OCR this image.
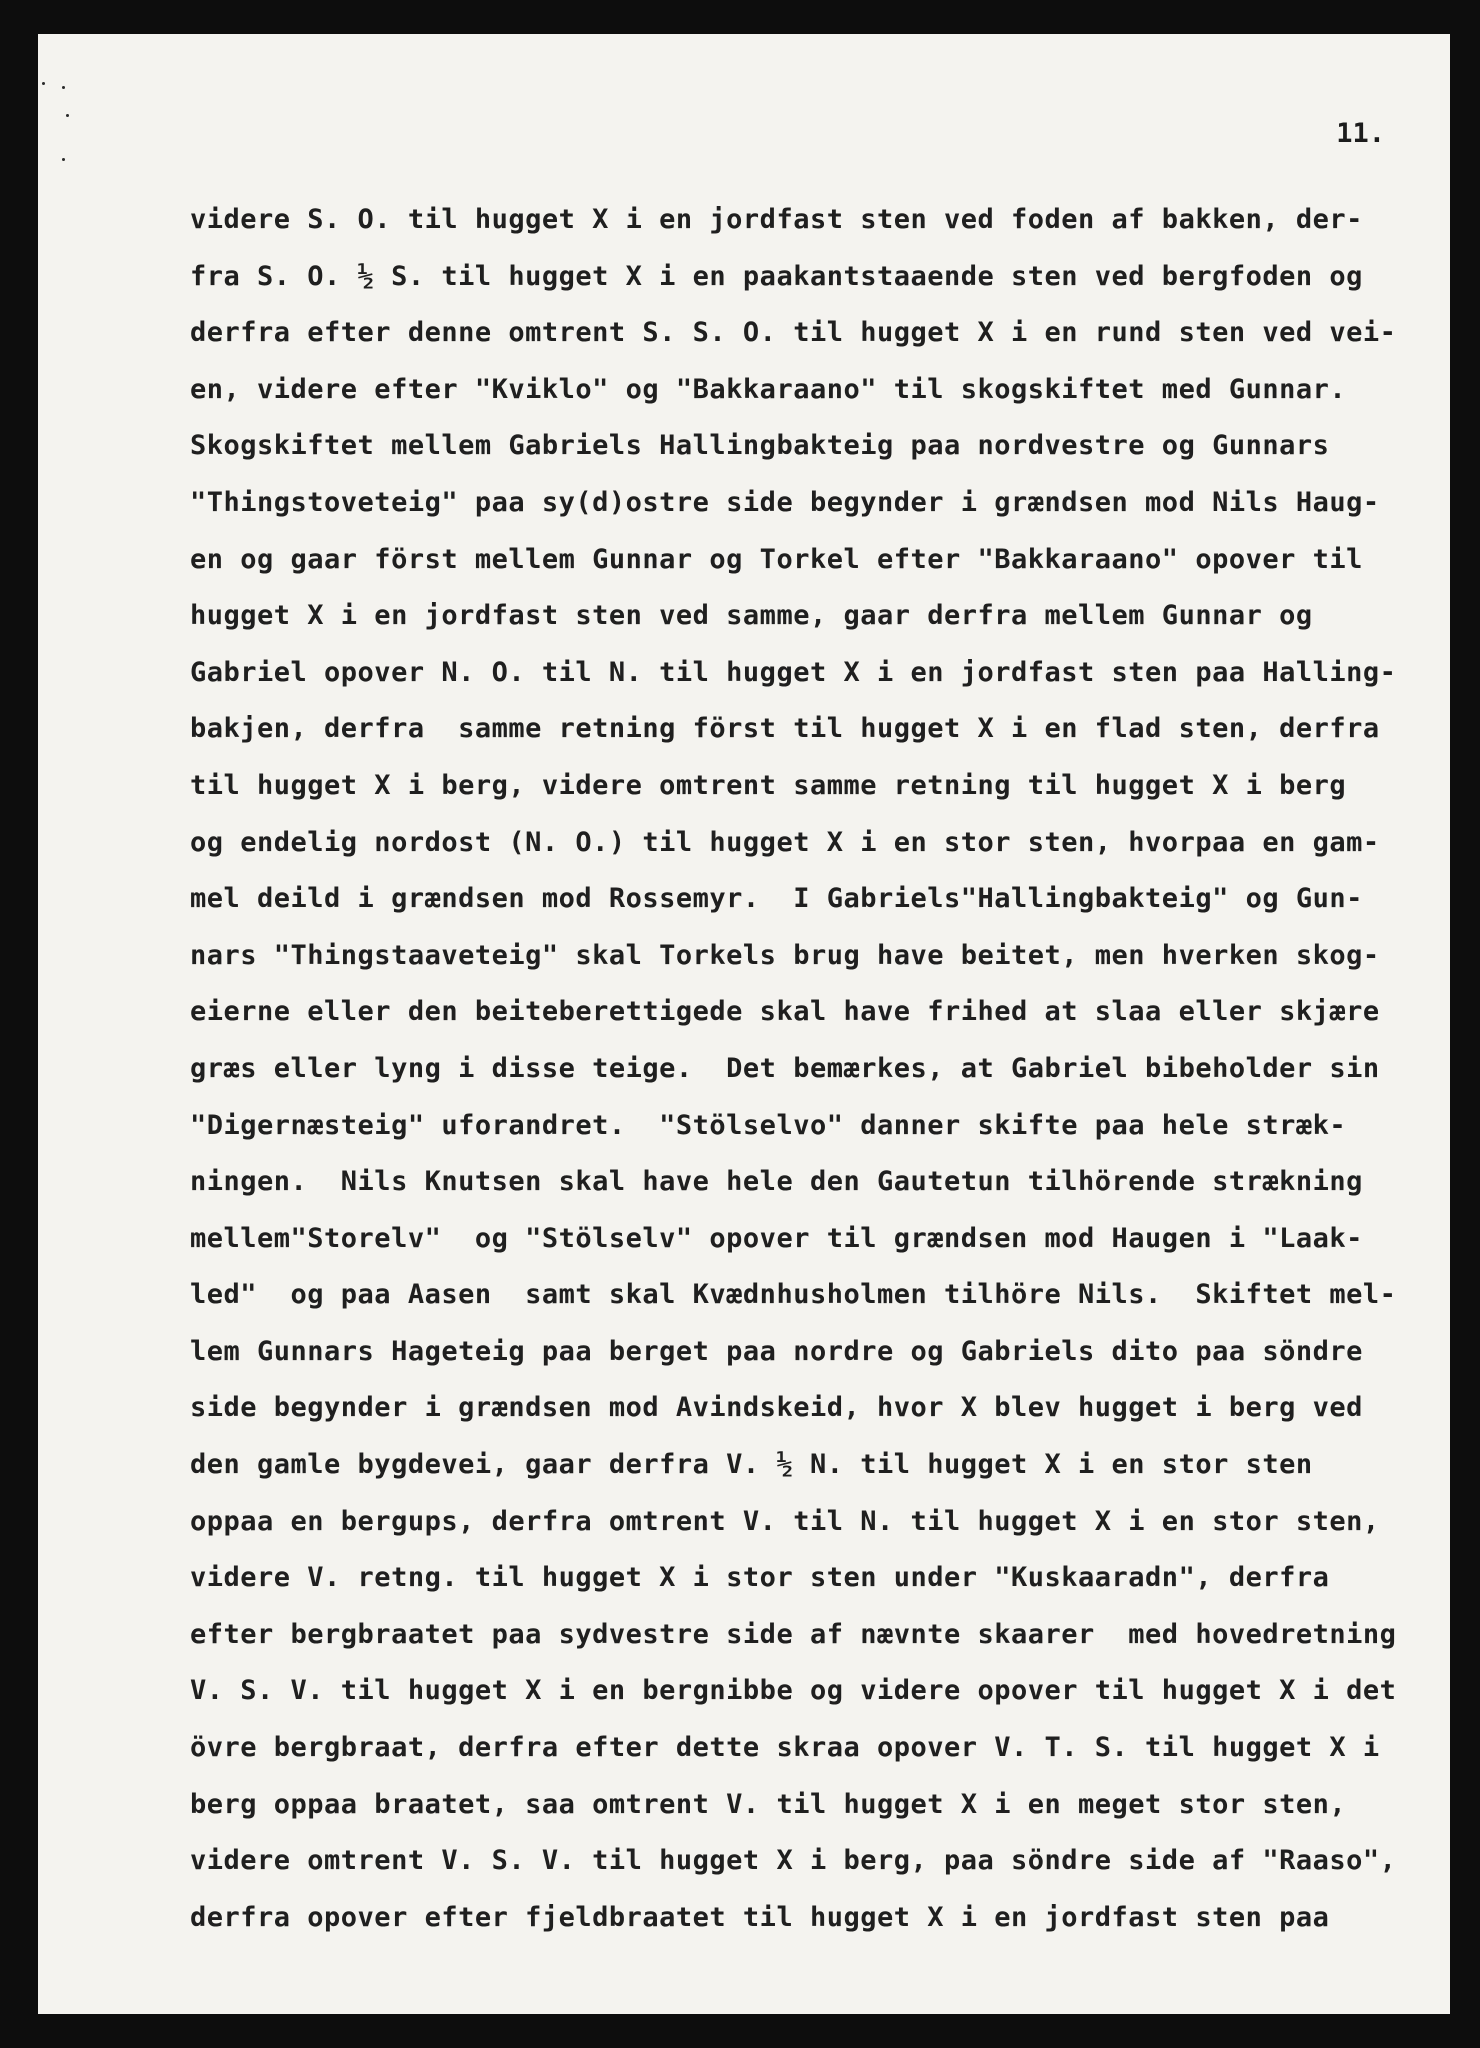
11.
videre S. O. til hugget X i en jordfast sten ved foden af bakken, der-
fra S. O. ½ S. til hugget X i en paakantstaaende sten ved bergfoden og
derfra efter denne omtrent S. S. O. til hugget X i en rund sten ved vei-
en, videre efter "Kviklo" og "Bakkaraano" til skogskiftet med Gunnar.
Skogskiftet mellem Gabriels Hallingbakteig paa nordvestre og Gunnars
"Thingstoveteig" paa sy(d)ostre side begynder i grændsen mod Nils Haug-
en og gaar först mellem Gunnar og Torkel efter "Bakkaraano" opover til
hugget X i en jordfast sten ved samme, gaar derfra mellem Gunnar og
Gabriel opover N. O. til N. til hugget X i en jordfast sten paa Halling-
bakjen, derfra  samme retning först til hugget X i en flad sten, derfra
til hugget X i berg, videre omtrent samme retning til hugget X i berg
og endelig nordost (N. O.) til hugget X i en stor sten, hvorpaa en gam-
mel deild i grændsen mod Rossemyr.  I Gabriels"Hallingbakteig" og Gun-
nars "Thingstaaveteig" skal Torkels brug have beitet, men hverken skog-
eierne eller den beiteberettigede skal have frihed at slaa eller skjære
græs eller lyng i disse teige.  Det bemærkes, at Gabriel bibeholder sin
"Digernæsteig" uforandret.  "Stölselvo" danner skifte paa hele stræk-
ningen.  Nils Knutsen skal have hele den Gautetun tilhörende strækning
mellem"Storelv"  og "Stölselv" opover til grændsen mod Haugen i "Laak-
led"  og paa Aasen  samt skal Kvædnhusholmen tilhöre Nils.  Skiftet mel-
lem Gunnars Hageteig paa berget paa nordre og Gabriels dito paa söndre
side begynder i grændsen mod Avindskeid, hvor X blev hugget i berg ved
den gamle bygdevei, gaar derfra V. ½ N. til hugget X i en stor sten
oppaa en bergups, derfra omtrent V. til N. til hugget X i en stor sten,
videre V. retng. til hugget X i stor sten under "Kuskaaradn", derfra
efter bergbraatet paa sydvestre side af nævnte skaarer  med hovedretning
V. S. V. til hugget X i en bergnibbe og videre opover til hugget X i det
övre bergbraat, derfra efter dette skraa opover V. T. S. til hugget X i
berg oppaa braatet, saa omtrent V. til hugget X i en meget stor sten,
videre omtrent V. S. V. til hugget X i berg, paa söndre side af "Raaso",
derfra opover efter fjeldbraatet til hugget X i en jordfast sten paa
